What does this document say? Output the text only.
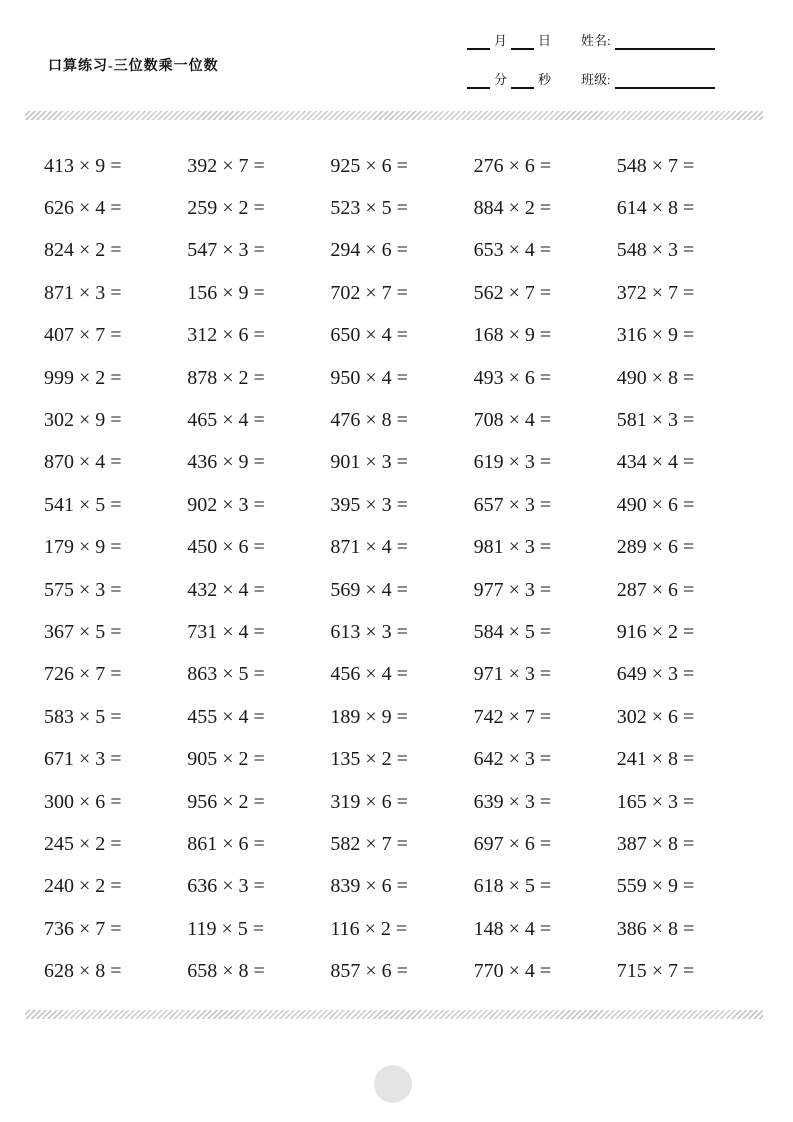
口算练习-三位数乘一位数
月 日 姓名:
分 秒 班级:
413 × 9 =	392 × 7 =	925 × 6 =	276 × 6 =	548 × 7 =
626 × 4 =	259 × 2 =	523 × 5 =	884 × 2 =	614 × 8 =
824 × 2 =	547 × 3 =	294 × 6 =	653 × 4 =	548 × 3 =
871 × 3 =	156 × 9 =	702 × 7 =	562 × 7 =	372 × 7 =
407 × 7 =	312 × 6 =	650 × 4 =	168 × 9 =	316 × 9 =
999 × 2 =	878 × 2 =	950 × 4 =	493 × 6 =	490 × 8 =
302 × 9 =	465 × 4 =	476 × 8 =	708 × 4 =	581 × 3 =
870 × 4 =	436 × 9 =	901 × 3 =	619 × 3 =	434 × 4 =
541 × 5 =	902 × 3 =	395 × 3 =	657 × 3 =	490 × 6 =
179 × 9 =	450 × 6 =	871 × 4 =	981 × 3 =	289 × 6 =
575 × 3 =	432 × 4 =	569 × 4 =	977 × 3 =	287 × 6 =
367 × 5 =	731 × 4 =	613 × 3 =	584 × 5 =	916 × 2 =
726 × 7 =	863 × 5 =	456 × 4 =	971 × 3 =	649 × 3 =
583 × 5 =	455 × 4 =	189 × 9 =	742 × 7 =	302 × 6 =
671 × 3 =	905 × 2 =	135 × 2 =	642 × 3 =	241 × 8 =
300 × 6 =	956 × 2 =	319 × 6 =	639 × 3 =	165 × 3 =
245 × 2 =	861 × 6 =	582 × 7 =	697 × 6 =	387 × 8 =
240 × 2 =	636 × 3 =	839 × 6 =	618 × 5 =	559 × 9 =
736 × 7 =	119 × 5 =	116 × 2 =	148 × 4 =	386 × 8 =
628 × 8 =	658 × 8 =	857 × 6 =	770 × 4 =	715 × 7 =
